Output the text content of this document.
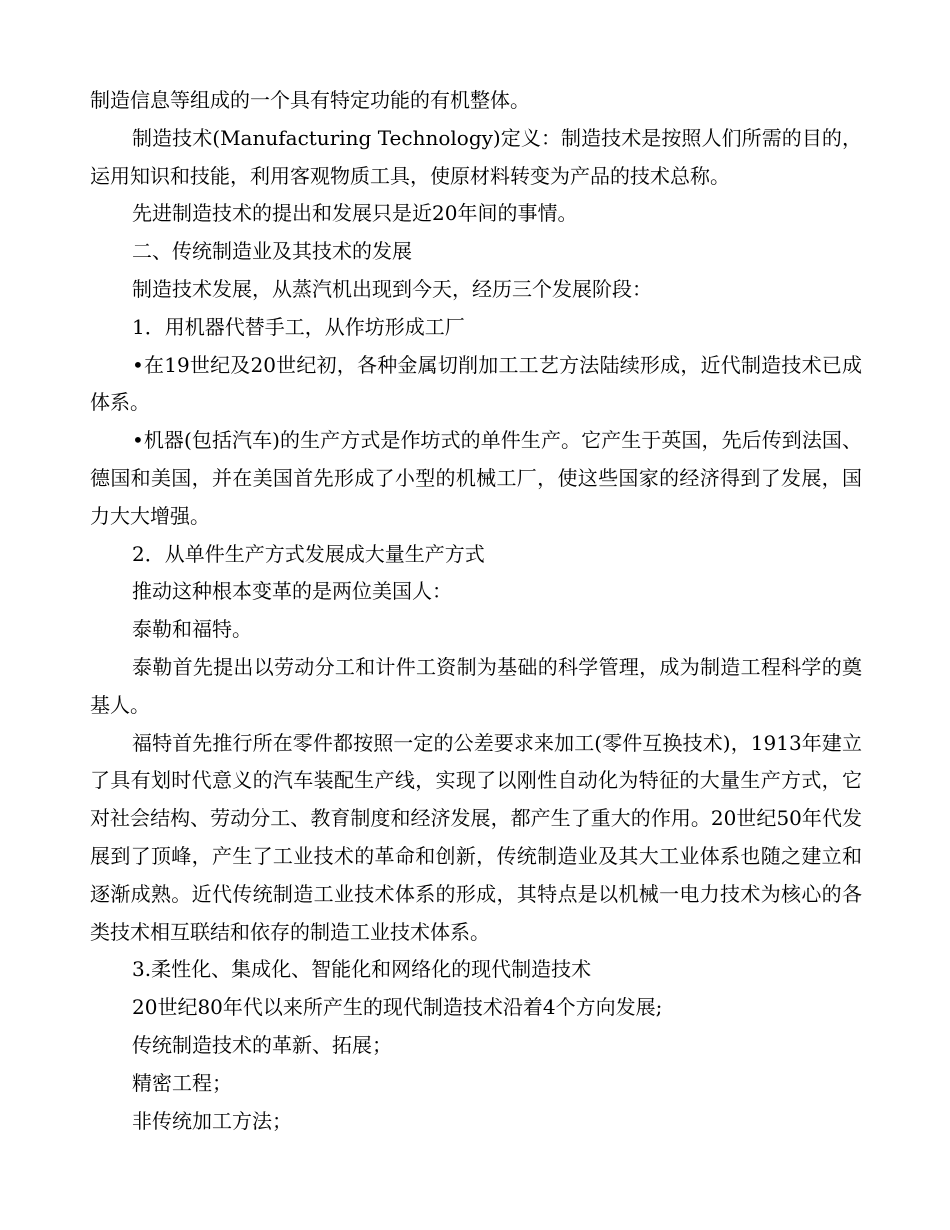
制造信息等组成的一个具有特定功能的有机整体。

制造技术(Manufacturing Technology)定义：制造技术是按照人们所需的目的，运用知识和技能，利用客观物质工具，使原材料转变为产品的技术总称。

先进制造技术的提出和发展只是近20年间的事情。

二、传统制造业及其技术的发展

制造技术发展，从蒸汽机出现到今天，经历三个发展阶段：

1．用机器代替手工，从作坊形成工厂

•在19世纪及20世纪初，各种金属切削加工工艺方法陆续形成，近代制造技术已成体系。

•机器(包括汽车)的生产方式是作坊式的单件生产。它产生于英国，先后传到法国、德国和美国，并在美国首先形成了小型的机械工厂，使这些国家的经济得到了发展，国力大大增强。

2．从单件生产方式发展成大量生产方式

推动这种根本变革的是两位美国人：

泰勒和福特。

泰勒首先提出以劳动分工和计件工资制为基础的科学管理，成为制造工程科学的奠基人。

福特首先推行所在零件都按照一定的公差要求来加工(零件互换技术)，1913年建立了具有划时代意义的汽车装配生产线，实现了以刚性自动化为特征的大量生产方式，它对社会结构、劳动分工、教育制度和经济发展，都产生了重大的作用。20世纪50年代发展到了顶峰，产生了工业技术的革命和创新，传统制造业及其大工业体系也随之建立和逐渐成熟。近代传统制造工业技术体系的形成，其特点是以机械一电力技术为核心的各类技术相互联结和依存的制造工业技术体系。

3.柔性化、集成化、智能化和网络化的现代制造技术

20世纪80年代以来所产生的现代制造技术沿着4个方向发展;

传统制造技术的革新、拓展；

精密工程；

非传统加工方法；
